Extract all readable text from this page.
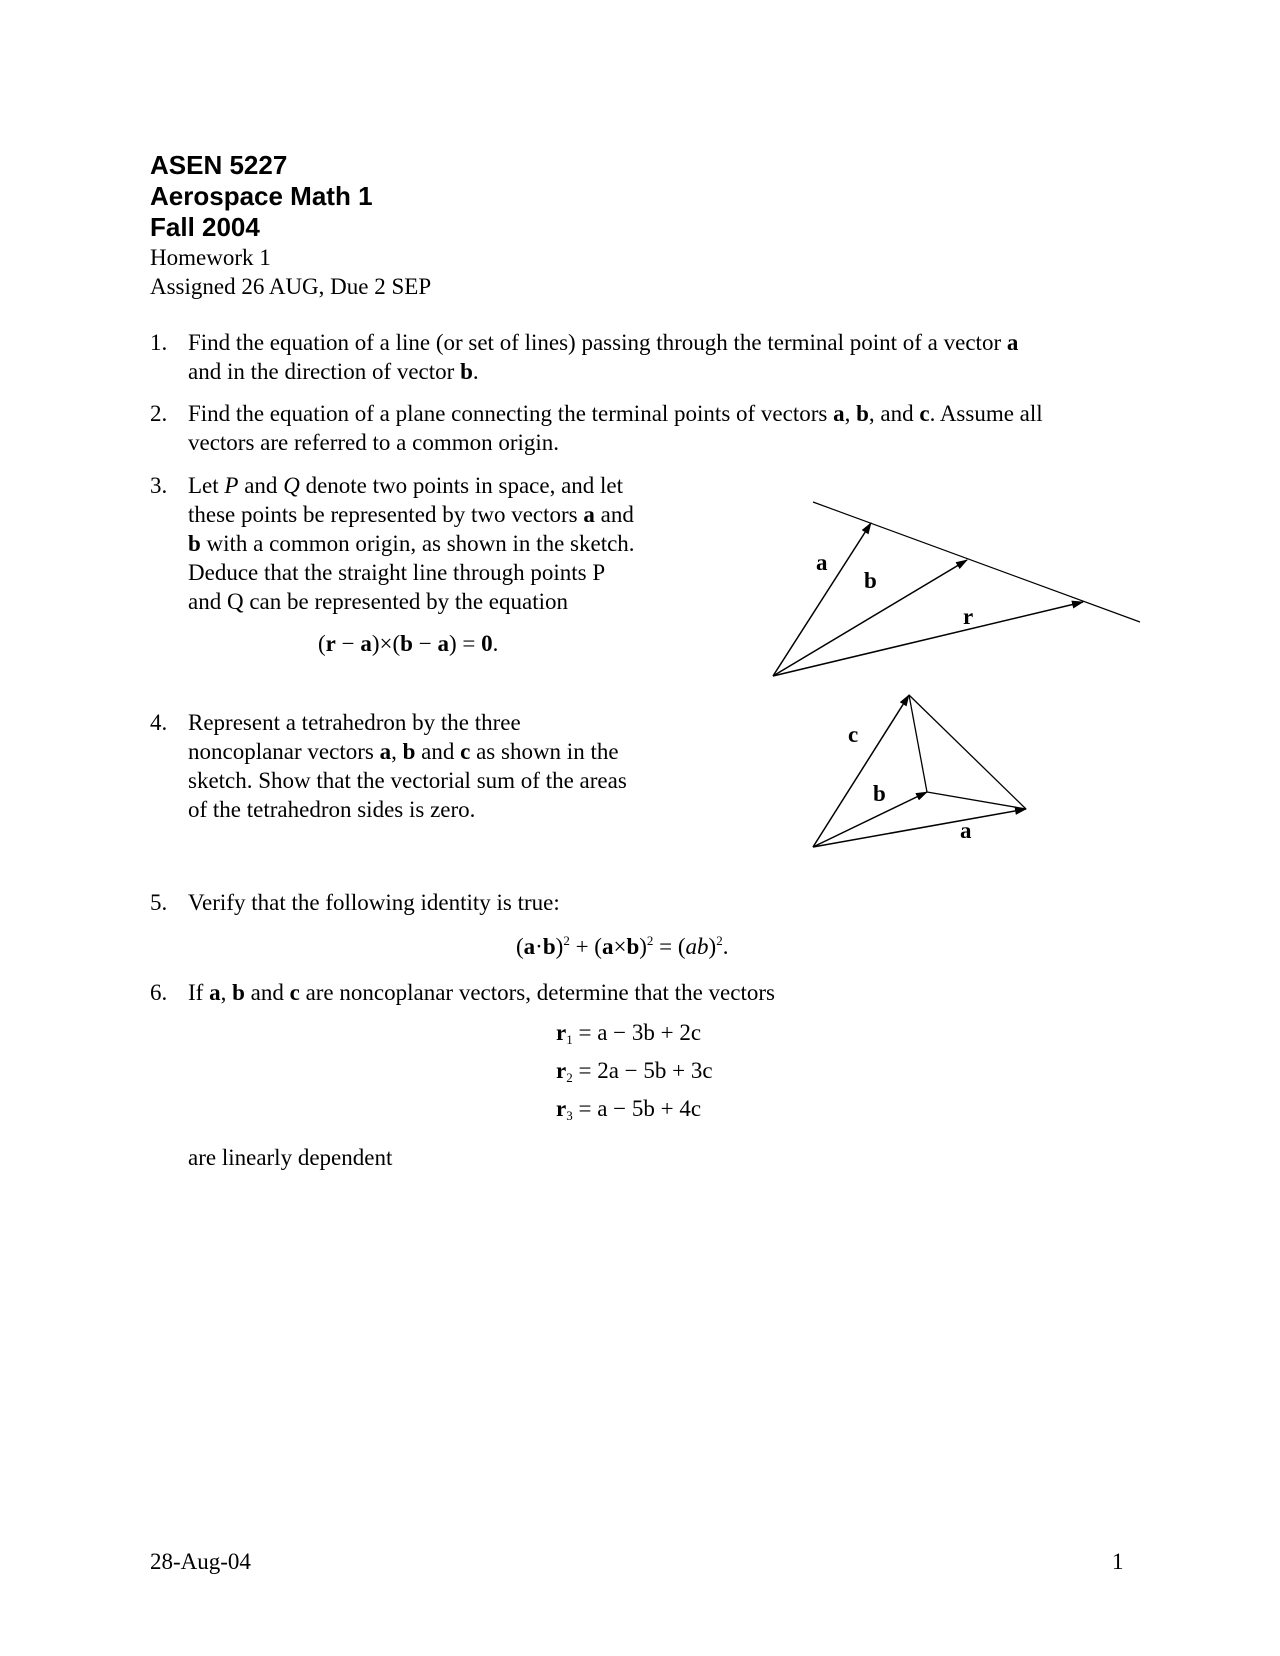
ASEN 5227
Aerospace Math 1
Fall 2004
Homework 1
Assigned 26 AUG, Due 2 SEP
1. Find the equation of a line (or set of lines) passing through the terminal point of a vector a
and in the direction of vector b.
2. Find the equation of a plane connecting the terminal points of vectors a, b, and c. Assume all
vectors are referred to a common origin.
3. Let P and Q denote two points in space, and let
these points be represented by two vectors a and
b with a common origin, as shown in the sketch.
Deduce that the straight line through points P
and Q can be represented by the equation
(r − a)×(b − a) = 0.
a
b
r
4. Represent a tetrahedron by the three
noncoplanar vectors a, b and c as shown in the
sketch. Show that the vectorial sum of the areas
of the tetrahedron sides is zero.
c
b
a
5. Verify that the following identity is true:
$(a\cdot b)^2 + (a\times b)^2 = (ab)^2$.
6. If a, b and c are noncoplanar vectors, determine that the vectors
$r_1 = a - 3b + 2c$
$r_2 = 2a - 5b + 3c$
$r_3 = a - 5b + 4c$
are linearly dependent
28-Aug-04	1
